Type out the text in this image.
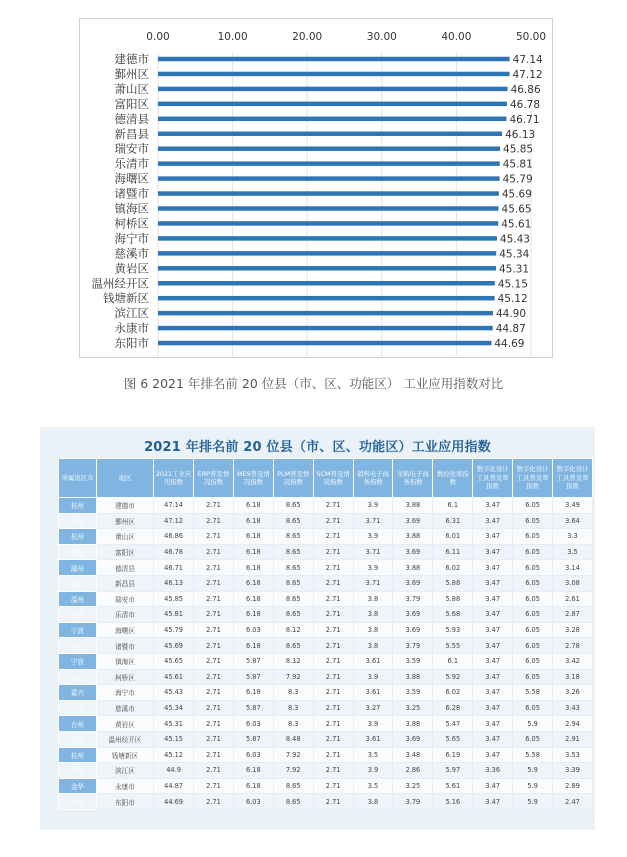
0.00	10.00	20.00	30.00	40.00	50.00
建德市	47.14
鄞州区	47.12
萧山区	46.86
富阳区	46.78
德清县	46.71
新昌县	46.13
瑞安市	45.85
乐清市	45.81
海曙区	45.79
诸暨市	45.69
镇海区	45.65
柯桥区	45.61
海宁市	45.43
慈溪市	45.34
黄岩区	45.31
温州经开区	45.15
钱塘新区	45.12
滨江区	44.90
永康市	44.87
东阳市	44.69
图 6 2021 年排名前 20 位县（市、区、功能区） 工业应用指数对比
2021 年排名前 20 位县（市、区、功能区）工业应用指数
所属设区市	地区	2021工业应用指数	ERP普及情况指数	MES普及情况指数	PLM普及情况指数	SCM普及情况指数	销售电子商务指数	采购电子商务指数	数控化率指数	数字化设计工具普及率指数	数字化设计工具普及率指数	数字化设计工具普及率指数
杭州	建德市	47.14	2.71	6.18	8.65	2.71	3.9	3.88	6.1	3.47	6.05	3.49
宁波	鄞州区	47.12	2.71	6.18	8.65	2.71	3.71	3.69	6.31	3.47	6.05	3.64
杭州	萧山区	46.86	2.71	6.18	8.65	2.71	3.9	3.88	6.01	3.47	6.05	3.3
杭州	富阳区	46.78	2.71	6.18	8.65	2.71	3.71	3.69	6.11	3.47	6.05	3.5
湖州	德清县	46.71	2.71	6.18	8.65	2.71	3.9	3.88	6.02	3.47	6.05	3.14
绍兴	新昌县	46.13	2.71	6.18	8.65	2.71	3.71	3.69	5.88	3.47	6.05	3.08
温州	瑞安市	45.85	2.71	6.18	8.65	2.71	3.8	3.79	5.88	3.47	6.05	2.61
温州	乐清市	45.81	2.71	6.18	8.65	2.71	3.8	3.69	5.68	3.47	6.05	2.87
宁波	海曙区	45.79	2.71	6.03	8.12	2.71	3.8	3.69	5.93	3.47	6.05	3.28
绍兴	诸暨市	45.69	2.71	6.18	8.65	2.71	3.8	3.79	5.55	3.47	6.05	2.78
宁波	镇海区	45.65	2.71	5.87	8.12	2.71	3.61	3.59	6.1	3.47	6.05	3.42
绍兴	柯桥区	45.61	2.71	5.87	7.92	2.71	3.9	3.88	5.92	3.47	6.05	3.18
嘉兴	海宁市	45.43	2.71	6.18	8.3	2.71	3.61	3.59	6.02	3.47	5.58	3.26
宁波	慈溪市	45.34	2.71	5.87	8.3	2.71	3.27	3.25	6.28	3.47	6.05	3.43
台州	黄岩区	45.31	2.71	6.03	8.3	2.71	3.9	3.88	5.47	3.47	5.9	2.94
温州	温州经开区	45.15	2.71	5.87	8.48	2.71	3.61	3.69	5.65	3.47	6.05	2.91
杭州	钱塘新区	45.12	2.71	6.03	7.92	2.71	3.5	3.48	6.19	3.47	5.58	3.53
杭州	滨江区	44.9	2.71	6.18	7.92	2.71	3.9	2.86	5.97	3.36	5.9	3.39
金华	永康市	44.87	2.71	6.18	8.65	2.71	3.5	3.25	5.61	3.47	5.9	2.89
金华	东阳市	44.69	2.71	6.03	8.65	2.71	3.8	3.79	5.16	3.47	5.9	2.47
